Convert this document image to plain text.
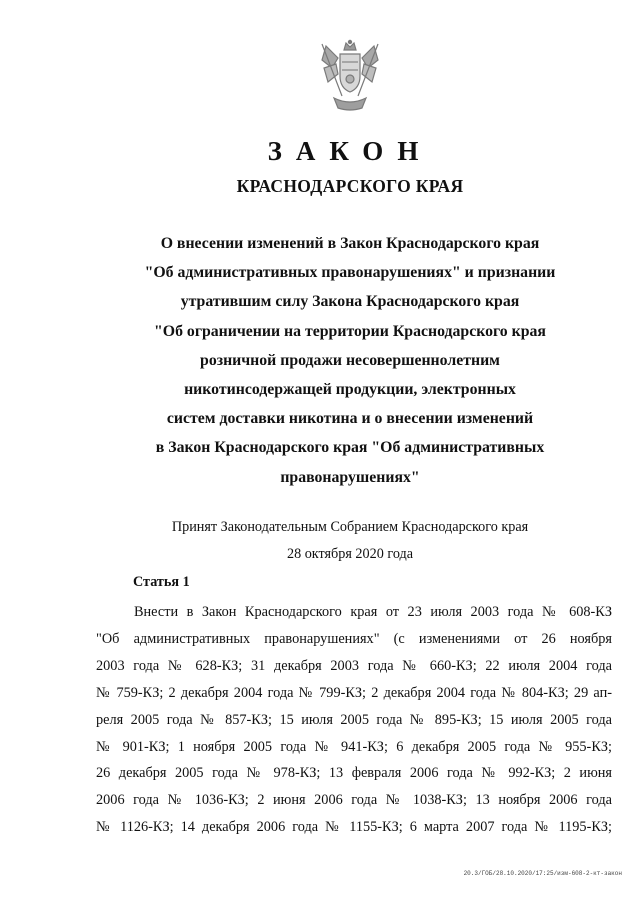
ЗАКОН
КРАСНОДАРСКОГО КРАЯ
О внесении изменений в Закон Краснодарского края
"Об административных правонарушениях" и признании
утратившим силу Закона Краснодарского края
"Об ограничении на территории Краснодарского края
розничной продажи несовершеннолетним
никотинсодержащей продукции, электронных
систем доставки никотина и о внесении изменений
в Закон Краснодарского края "Об административных
правонарушениях"
Принят Законодательным Собранием Краснодарского края
28 октября 2020 года
Статья 1
Внести в Закон Краснодарского края от 23 июля 2003 года № 608-КЗ
"Об административных правонарушениях" (с изменениями от 26 ноября
2003 года № 628-КЗ; 31 декабря 2003 года № 660-КЗ; 22 июля 2004 года
№ 759-КЗ; 2 декабря 2004 года № 799-КЗ; 2 декабря 2004 года № 804-КЗ; 29 ап-
реля 2005 года № 857-КЗ; 15 июля 2005 года № 895-КЗ; 15 июля 2005 года
№ 901-КЗ; 1 ноября 2005 года № 941-КЗ; 6 декабря 2005 года № 955-КЗ;
26 декабря 2005 года № 978-КЗ; 13 февраля 2006 года № 992-КЗ; 2 июня
2006 года № 1036-КЗ; 2 июня 2006 года № 1038-КЗ; 13 ноября 2006 года
№ 1126-КЗ; 14 декабря 2006 года № 1155-КЗ; 6 марта 2007 года № 1195-КЗ;
20.3/ГОБ/28.10.2020/17:25/изм-608-2-кт-закон
